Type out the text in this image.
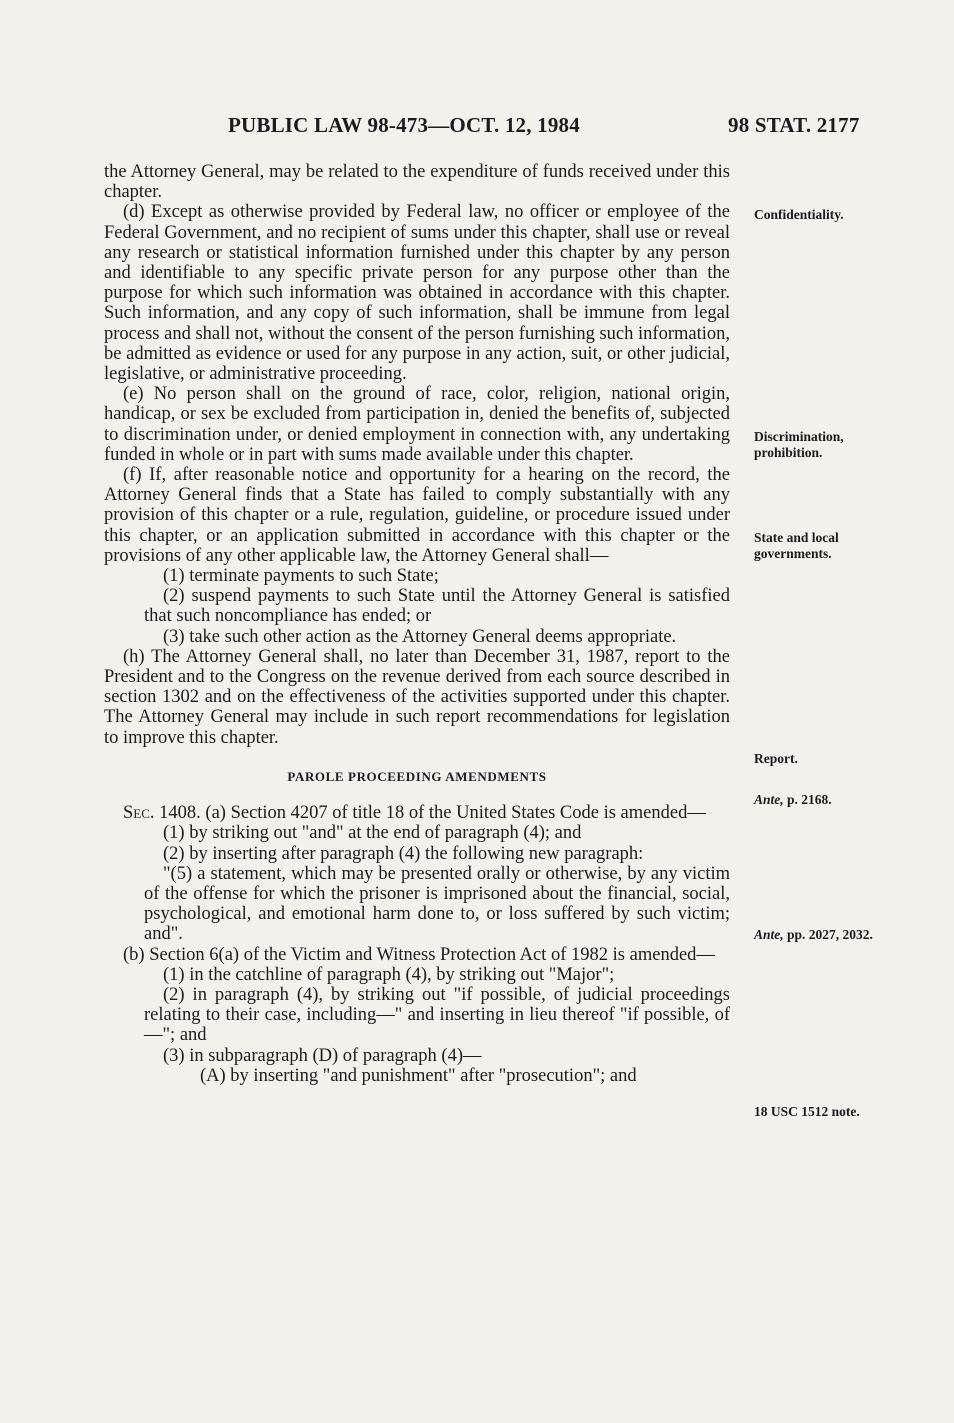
PUBLIC LAW 98-473—OCT. 12, 1984	98 STAT. 2177

the Attorney General, may be related to the expenditure of funds received under this chapter.

(d) Except as otherwise provided by Federal law, no officer or employee of the Federal Government, and no recipient of sums under this chapter, shall use or reveal any research or statistical information furnished under this chapter by any person and identifiable to any specific private person for any purpose other than the purpose for which such information was obtained in accordance with this chapter. Such information, and any copy of such information, shall be immune from legal process and shall not, without the consent of the person furnishing such information, be admitted as evidence or used for any purpose in any action, suit, or other judicial, legislative, or administrative proceeding.

(e) No person shall on the ground of race, color, religion, national origin, handicap, or sex be excluded from participation in, denied the benefits of, subjected to discrimination under, or denied employment in connection with, any undertaking funded in whole or in part with sums made available under this chapter.

(f) If, after reasonable notice and opportunity for a hearing on the record, the Attorney General finds that a State has failed to comply substantially with any provision of this chapter or a rule, regulation, guideline, or procedure issued under this chapter, or an application submitted in accordance with this chapter or the provisions of any other applicable law, the Attorney General shall—

(1) terminate payments to such State;

(2) suspend payments to such State until the Attorney General is satisfied that such noncompliance has ended; or

(3) take such other action as the Attorney General deems appropriate.

(h) The Attorney General shall, no later than December 31, 1987, report to the President and to the Congress on the revenue derived from each source described in section 1302 and on the effectiveness of the activities supported under this chapter. The Attorney General may include in such report recommendations for legislation to improve this chapter.

PAROLE PROCEEDING AMENDMENTS

Sec. 1408. (a) Section 4207 of title 18 of the United States Code is amended—

(1) by striking out "and" at the end of paragraph (4); and

(2) by inserting after paragraph (4) the following new paragraph:

"(5) a statement, which may be presented orally or otherwise, by any victim of the offense for which the prisoner is imprisoned about the financial, social, psychological, and emotional harm done to, or loss suffered by such victim; and".

(b) Section 6(a) of the Victim and Witness Protection Act of 1982 is amended—

(1) in the catchline of paragraph (4), by striking out "Major";

(2) in paragraph (4), by striking out "if possible, of judicial proceedings relating to their case, including—" and inserting in lieu thereof "if possible, of—"; and

(3) in subparagraph (D) of paragraph (4)—

(A) by inserting "and punishment" after "prosecution"; and

Confidentiality.
Discrimination, prohibition.
State and local governments.
Report.
Ante, p. 2168.
Ante, pp. 2027, 2032.
18 USC 1512 note.
